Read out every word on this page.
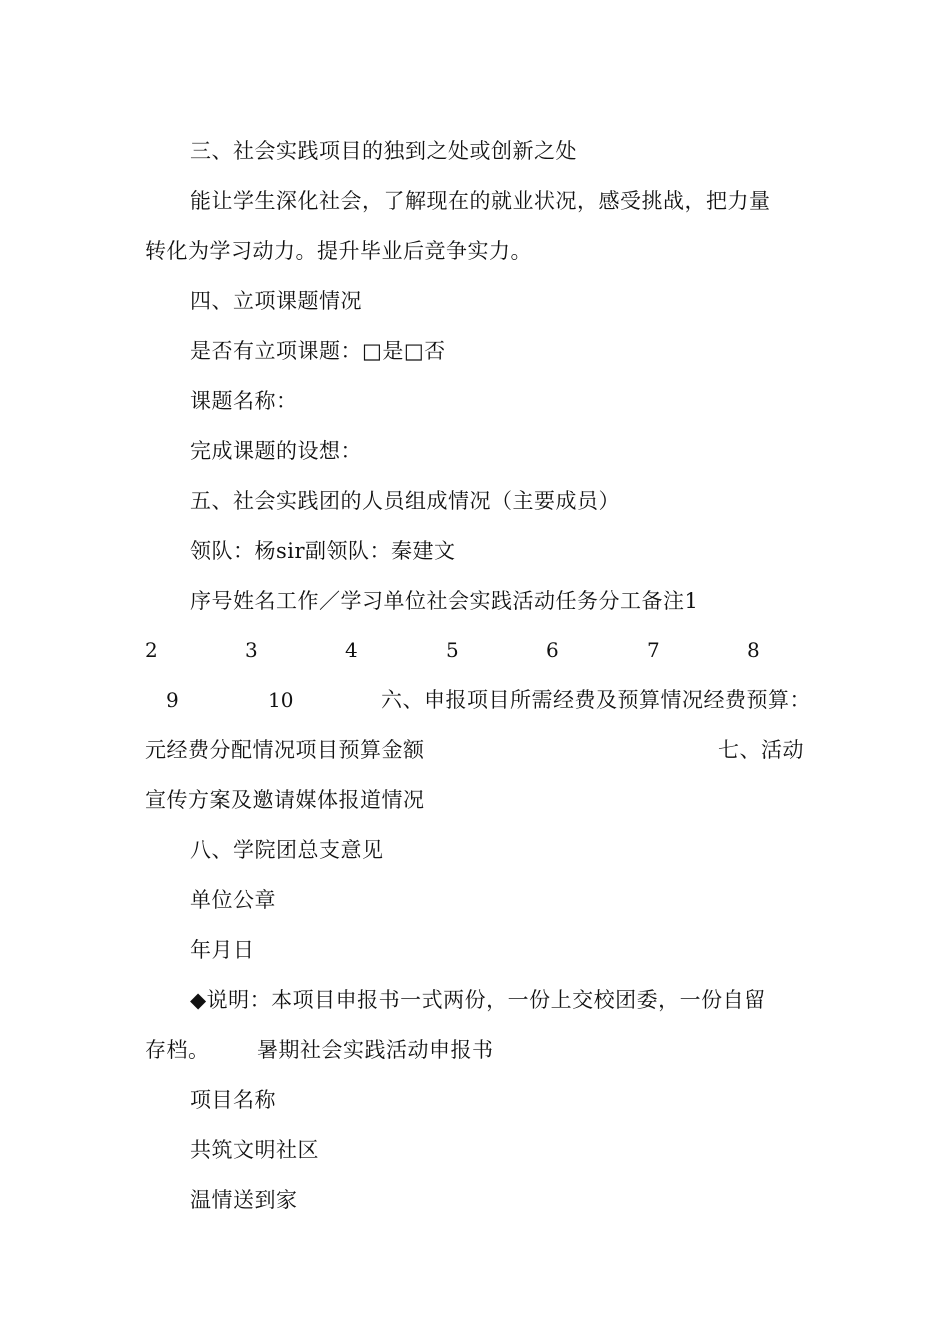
三、社会实践项目的独到之处或创新之处
能让学生深化社会，了解现在的就业状况，感受挑战，把力量
转化为学习动力。提升毕业后竞争实力。
四、立项课题情况
是否有立项课题：□是□否
课题名称：
完成课题的设想：
五、社会实践团的人员组成情况（主要成员）
领队：杨sir副领队：秦建文
序号姓名工作／学习单位社会实践活动任务分工备注1
2	3	4	5	6	7	8
9	10	六、申报项目所需经费及预算情况经费预算：
元经费分配情况项目预算金额	七、活动
宣传方案及邀请媒体报道情况
八、学院团总支意见
单位公章
年月日
◆说明：本项目申报书一式两份，一份上交校团委，一份自留
存档。 暑期社会实践活动申报书
项目名称
共筑文明社区
温情送到家
